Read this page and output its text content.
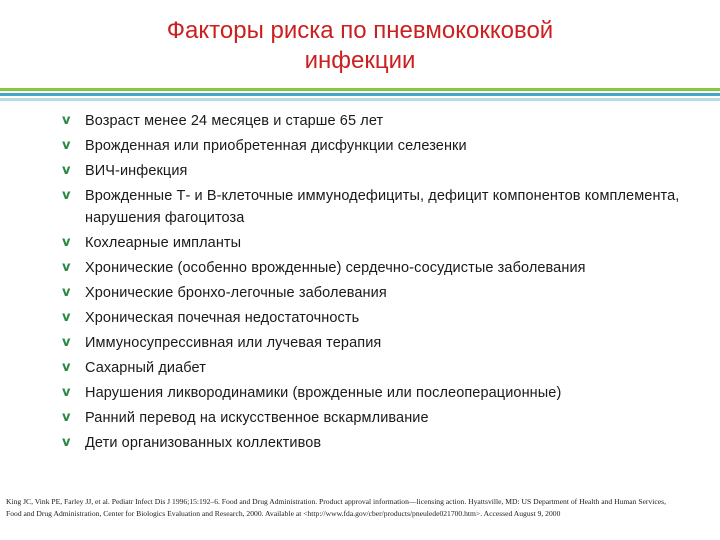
Факторы риска по пневмококковой
инфекции
v Возраст менее 24 месяцев и старше 65 лет
v Врожденная или приобретенная дисфункции селезенки
v ВИЧ-инфекция
v Врожденные Т- и В-клеточные иммунодефициты, дефицит компонентов комплемента, нарушения фагоцитоза
v Кохлеарные импланты
v Хронические (особенно врожденные) сердечно-сосудистые заболевания
v Хронические бронхо-легочные заболевания
v Хроническая почечная недостаточность
v Иммуносупрессивная или лучевая терапия
v Сахарный диабет
v Нарушения ликвородинамики (врожденные или послеоперационные)
v Ранний перевод на искусственное вскармливание
v Дети организованных коллективов
King JC, Vink PE, Farley JJ, et al. Pediatr Infect Dis J 1996;15:192–6. Food and Drug Administration. Product approval information—licensing action. Hyattsville, MD: US Department of Health and Human Services,
Food and Drug Administration, Center for Biologics Evaluation and Research, 2000. Available at <http://www.fda.gov/cber/products/pneulede021700.htm>. Accessed August 9, 2000
